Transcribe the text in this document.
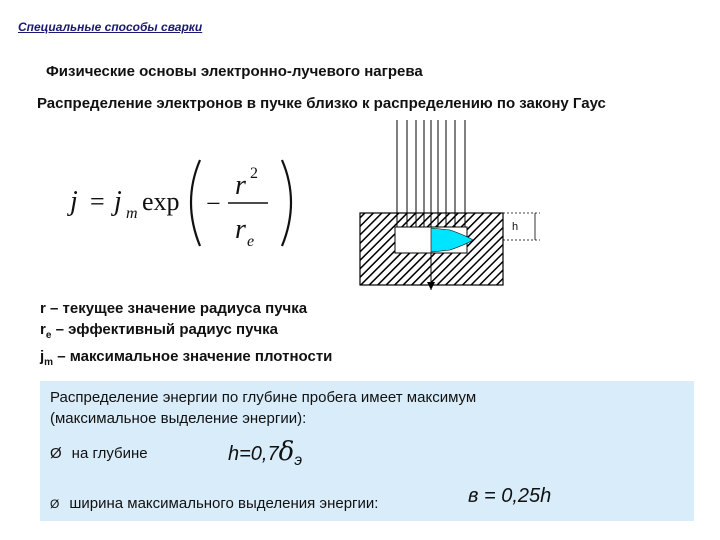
Специальные способы сварки
Физические основы электронно-лучевого нагрева
Распределение электронов в пучке близко к распределению по закону Гаус
j = j m exp −
r 2
r e
h
r – текущее значение радиуса пучка
$r_e$ – эффективный радиус пучка
$j_m$ – максимальное значение плотности
Распределение энергии по глубине пробега имеет максимум
(максимальное выделение энергии):
Ø на глубине	$h=0,7\delta_э$
Ø ширина максимального выделения энергии:	в = 0,25h
